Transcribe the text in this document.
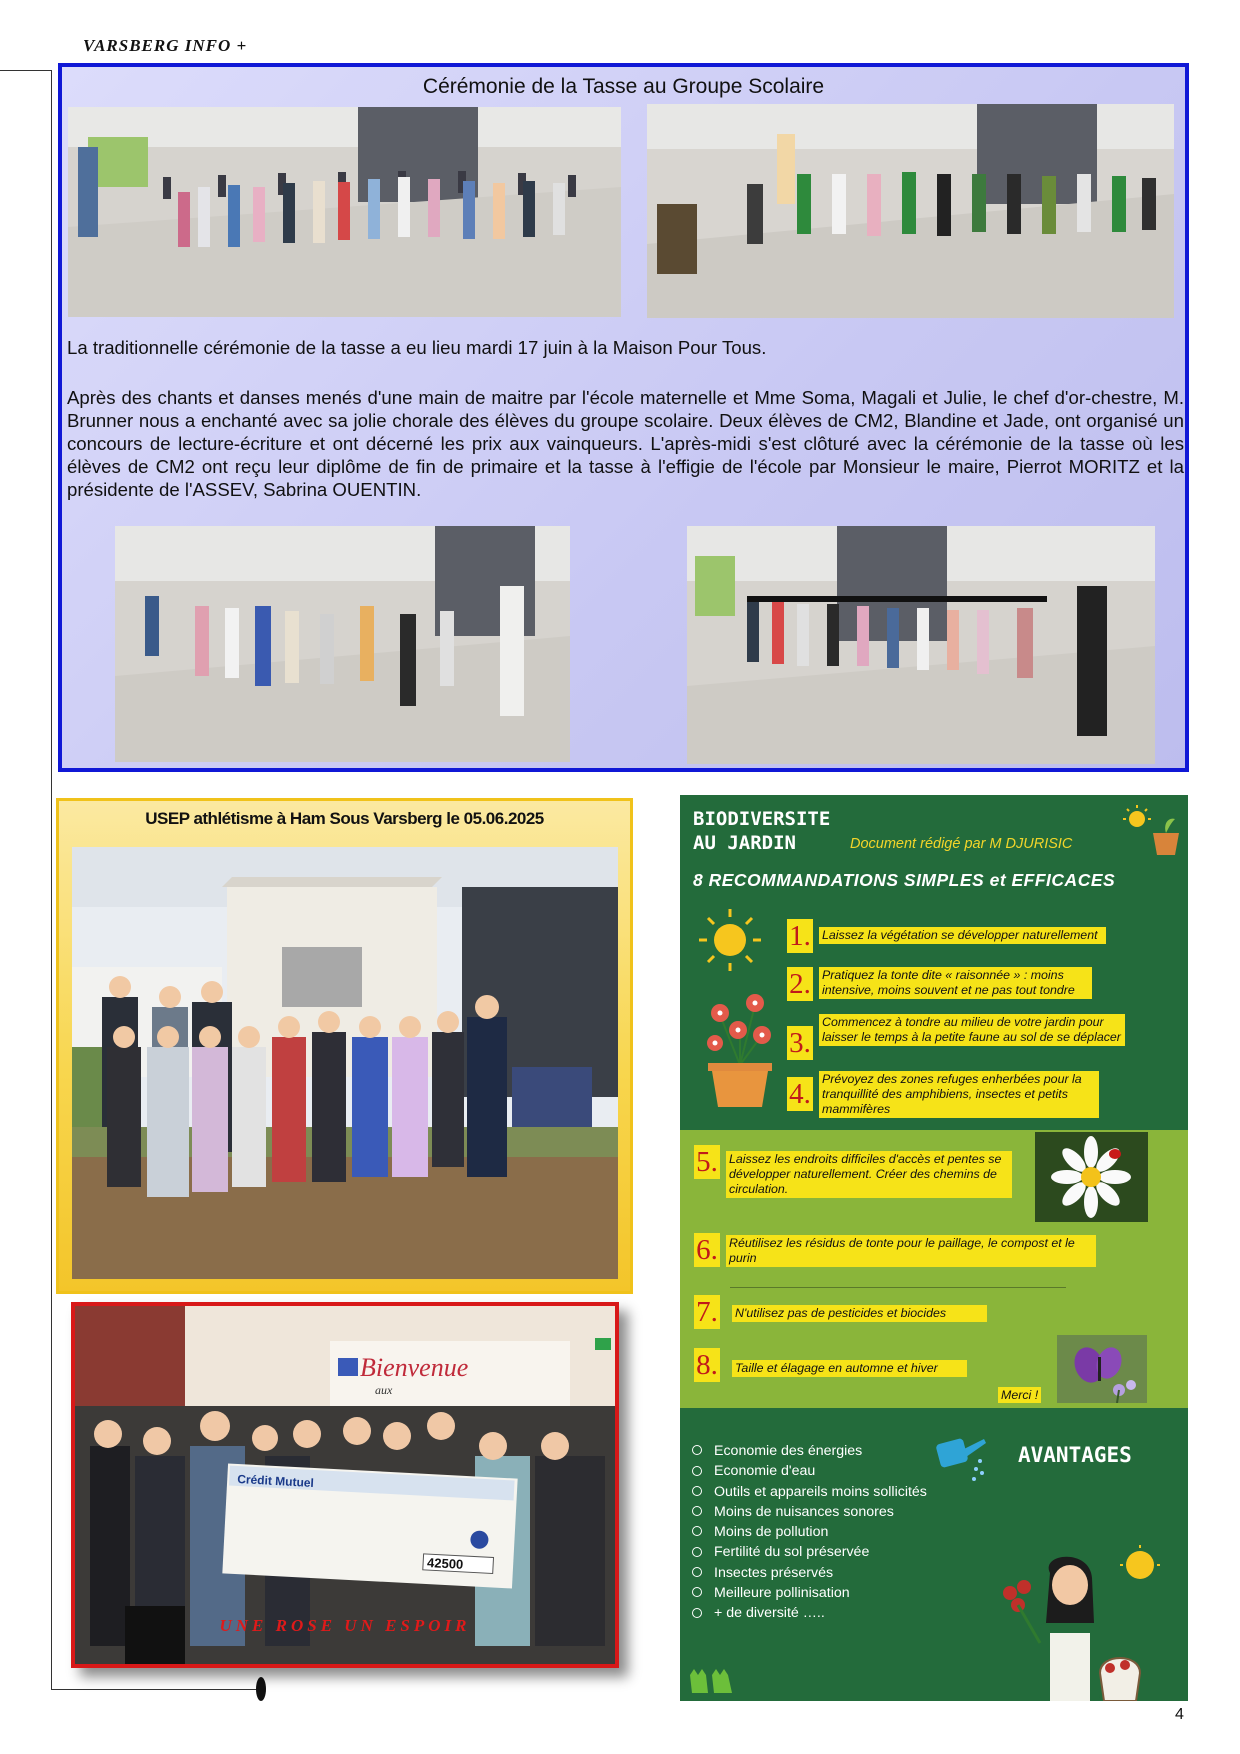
VARSBERG INFO +
4
Cérémonie de la Tasse au Groupe Scolaire
La traditionnelle cérémonie de la tasse a eu lieu mardi 17 juin à la Maison Pour Tous.
Après des chants et danses menés d'une main de maitre par l'école maternelle et Mme Soma, Magali et Julie, le chef d'or-chestre, M. Brunner nous a enchanté avec sa jolie chorale des élèves du groupe scolaire. Deux élèves de CM2, Blandine et Jade, ont organisé un concours de lecture-écriture et ont décerné les prix aux vainqueurs. L'après-midi s'est clôturé avec la cérémonie de la tasse où les élèves de CM2 ont reçu leur diplôme de fin de primaire et la tasse à l'effigie de l'école par Monsieur le maire, Pierrot MORITZ et la présidente de l'ASSEV, Sabrina OUENTIN.
USEP athlétisme à Ham Sous Varsberg le 05.06.2025
Bienvenue
aux
Crédit Mutuel
42500
UNE ROSE UN ESPOIR
BIODIVERSITE
AU JARDIN	Document rédigé par M DJURISIC
8 RECOMMANDATIONS SIMPLES et EFFICACES
1. Laissez la végétation se développer naturellement
2. Pratiquez la tonte dite « raisonnée » : moins intensive, moins souvent et ne pas tout tondre
3.
Commencez à tondre au milieu de votre jardin pour laisser le temps à la petite faune au sol de se déplacer
4. Prévoyez des zones refuges enherbées pour la tranquillité des amphibiens, insectes et petits mammifères
5. Laissez les endroits difficiles d'accès et pentes se développer naturellement. Créer des chemins de circulation.
6. Réutilisez les résidus de tonte pour le paillage, le compost et le purin
7. N'utilisez pas de pesticides et biocides
8. Taille et élagage en automne et hiver
Merci !
AVANTAGES
Economie des énergies
Economie d'eau
Outils et appareils moins sollicités
Moins de nuisances sonores
Moins de pollution
Fertilité du sol préservée
Insectes préservés
Meilleure pollinisation
+ de diversité …..
